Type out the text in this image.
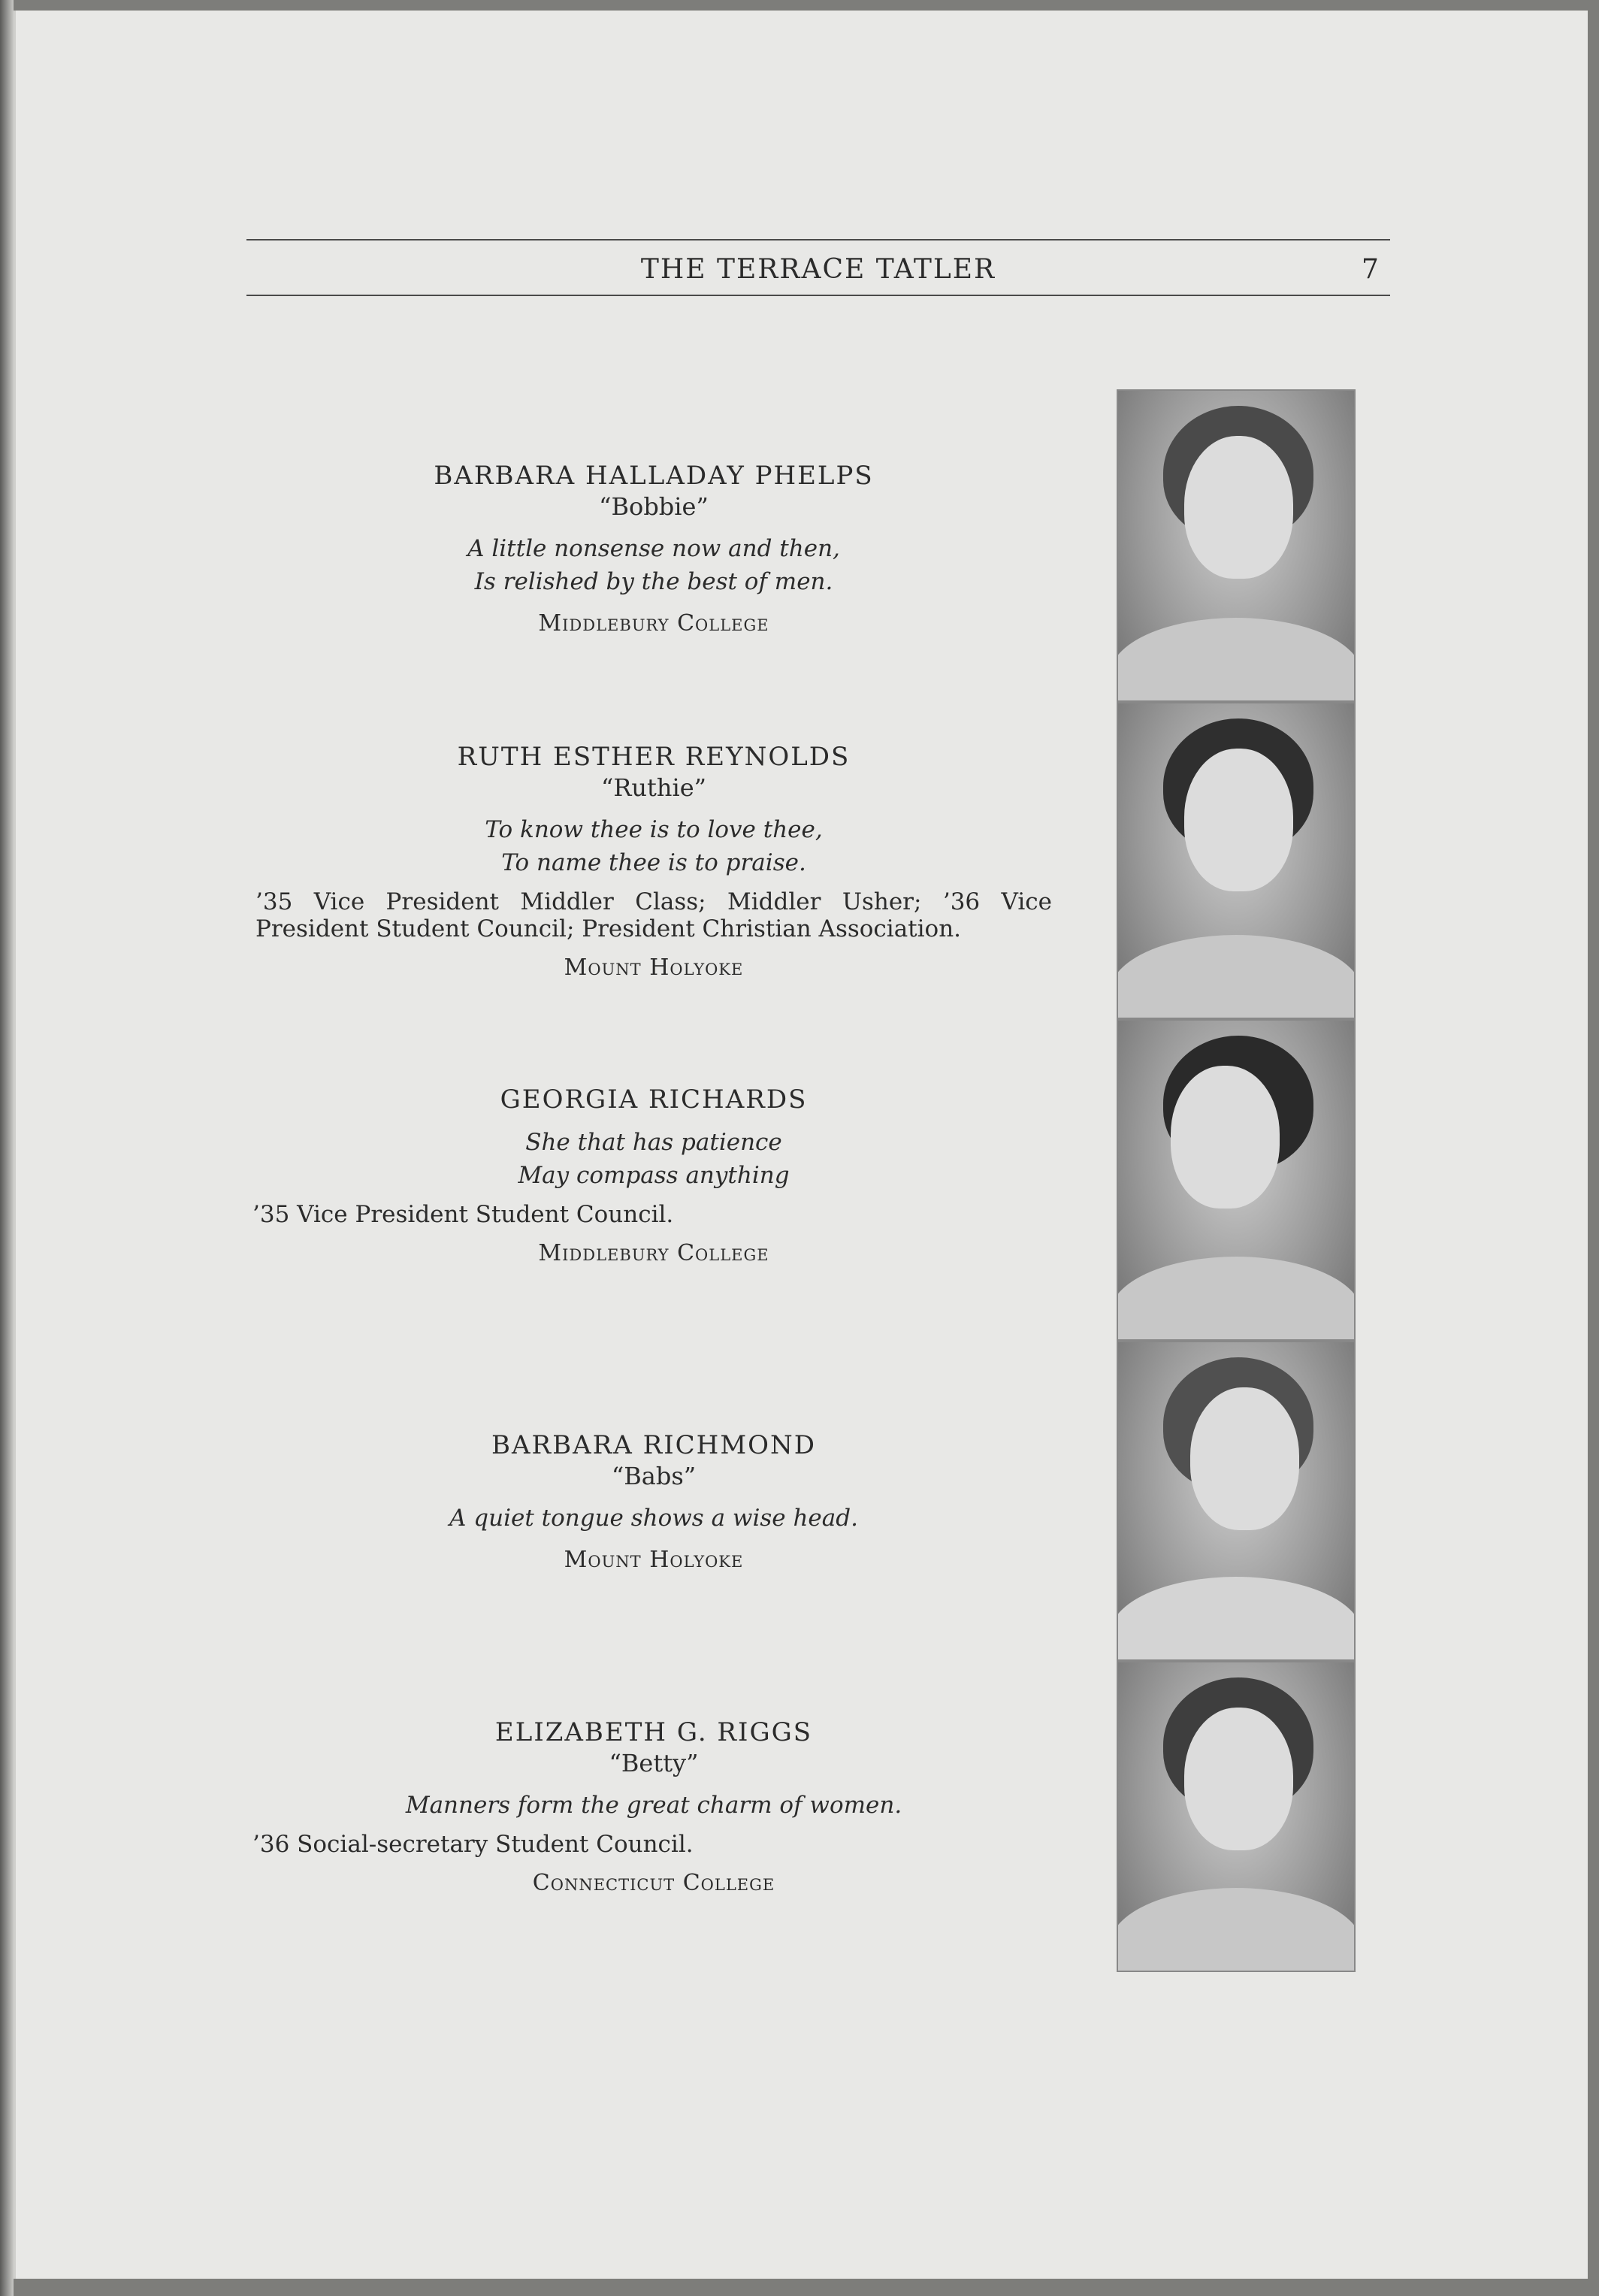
THE TERRACE TATLER	7
BARBARA HALLADAY PHELPS
“Bobbie”
A little nonsense now and then,
Is relished by the best of men.
Middlebury College
RUTH ESTHER REYNOLDS
“Ruthie”
To know thee is to love thee,
To name thee is to praise.
’35 Vice President Middler Class; Middler Usher; ’36 Vice President Student Council; President Christian Association.
Mount Holyoke
GEORGIA RICHARDS
She that has patience
May compass anything
’35 Vice President Student Council.
Middlebury College
BARBARA RICHMOND
“Babs”
A quiet tongue shows a wise head.
Mount Holyoke
ELIZABETH G. RIGGS
“Betty”
Manners form the great charm of women.
’36 Social-secretary Student Council.
Connecticut College
